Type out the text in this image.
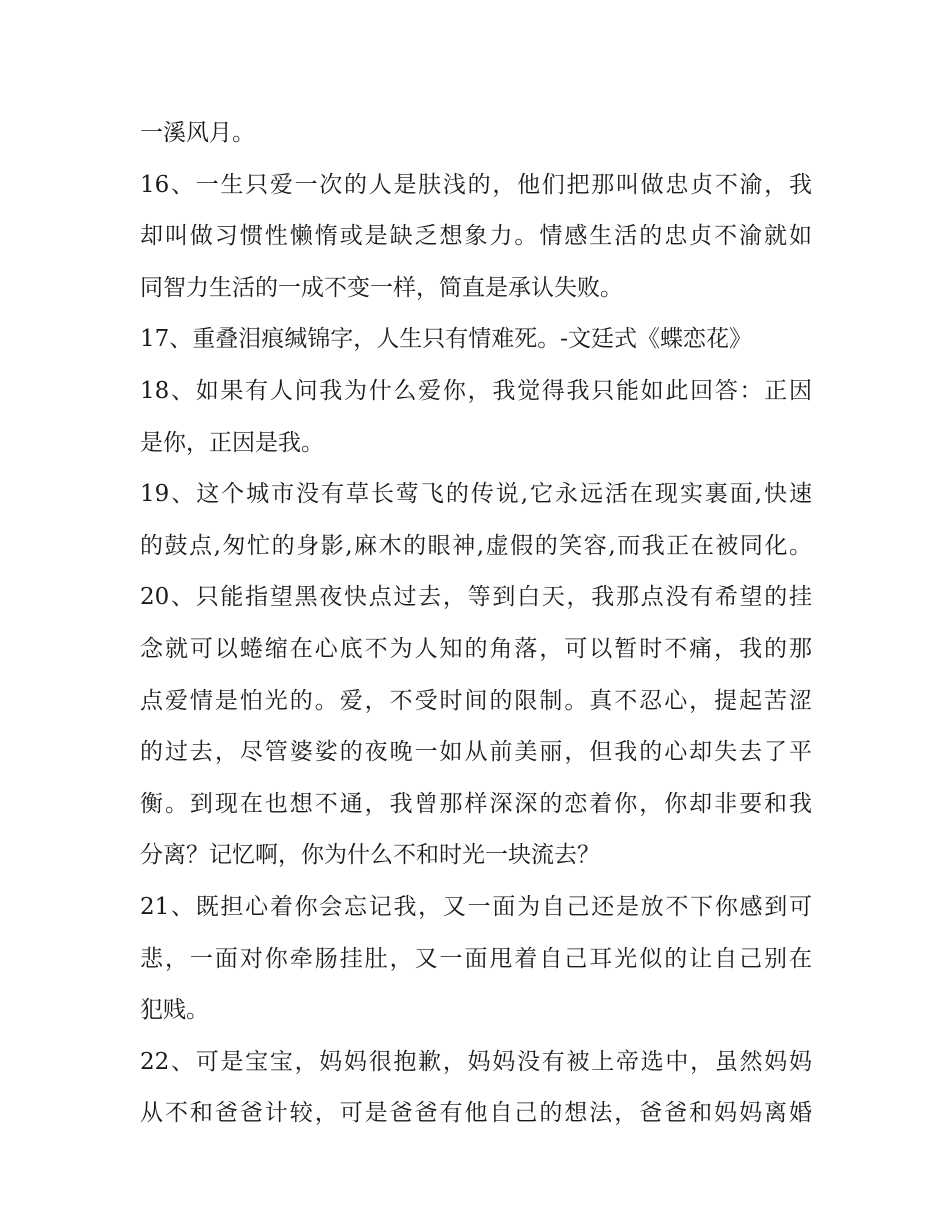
一溪风月。
16、一生只爱一次的人是肤浅的，他们把那叫做忠贞不渝，我
却叫做习惯性懒惰或是缺乏想象力。情感生活的忠贞不渝就如
同智力生活的一成不变一样，简直是承认失败。
17、重叠泪痕缄锦字，人生只有情难死。-文廷式《蝶恋花》
18、如果有人问我为什么爱你，我觉得我只能如此回答：正因
是你，正因是我。
19、这个城市没有草长莺飞的传说,它永远活在现实裏面,快速
的鼓点,匆忙的身影,麻木的眼神,虚假的笑容,而我正在被同化。
20、只能指望黑夜快点过去，等到白天，我那点没有希望的挂
念就可以蜷缩在心底不为人知的角落，可以暂时不痛，我的那
点爱情是怕光的。爱，不受时间的限制。真不忍心，提起苦涩
的过去，尽管婆娑的夜晚一如从前美丽，但我的心却失去了平
衡。到现在也想不通，我曾那样深深的恋着你，你却非要和我
分离？记忆啊，你为什么不和时光一块流去？
21、既担心着你会忘记我，又一面为自己还是放不下你感到可
悲，一面对你牵肠挂肚，又一面甩着自己耳光似的让自己别在
犯贱。
22、可是宝宝，妈妈很抱歉，妈妈没有被上帝选中，虽然妈妈
从不和爸爸计较，可是爸爸有他自己的想法，爸爸和妈妈离婚
